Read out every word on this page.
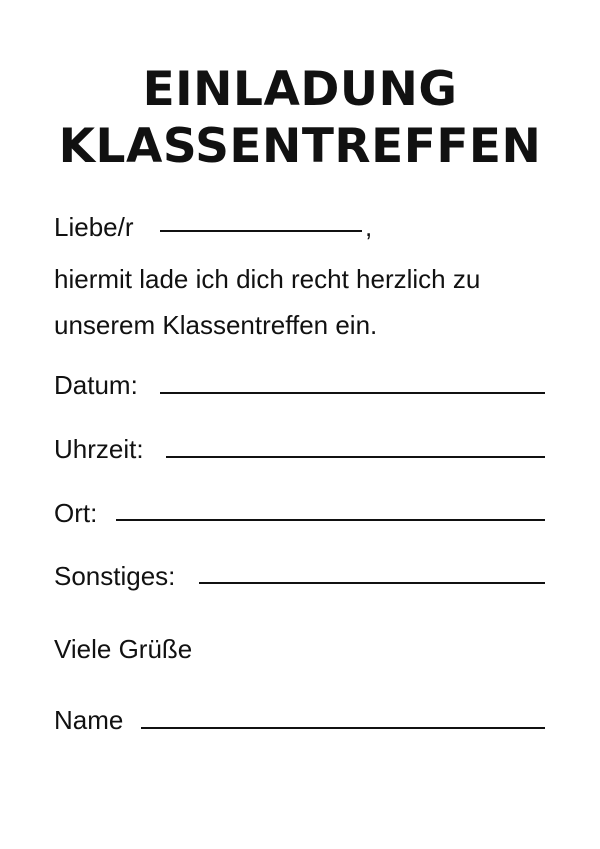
EINLADUNG
KLASSENTREFFEN
Liebe/r	,
hiermit lade ich dich recht herzlich zu
unserem Klassentreffen ein.
Datum:
Uhrzeit:
Ort:
Sonstiges:
Viele Grüße
Name
